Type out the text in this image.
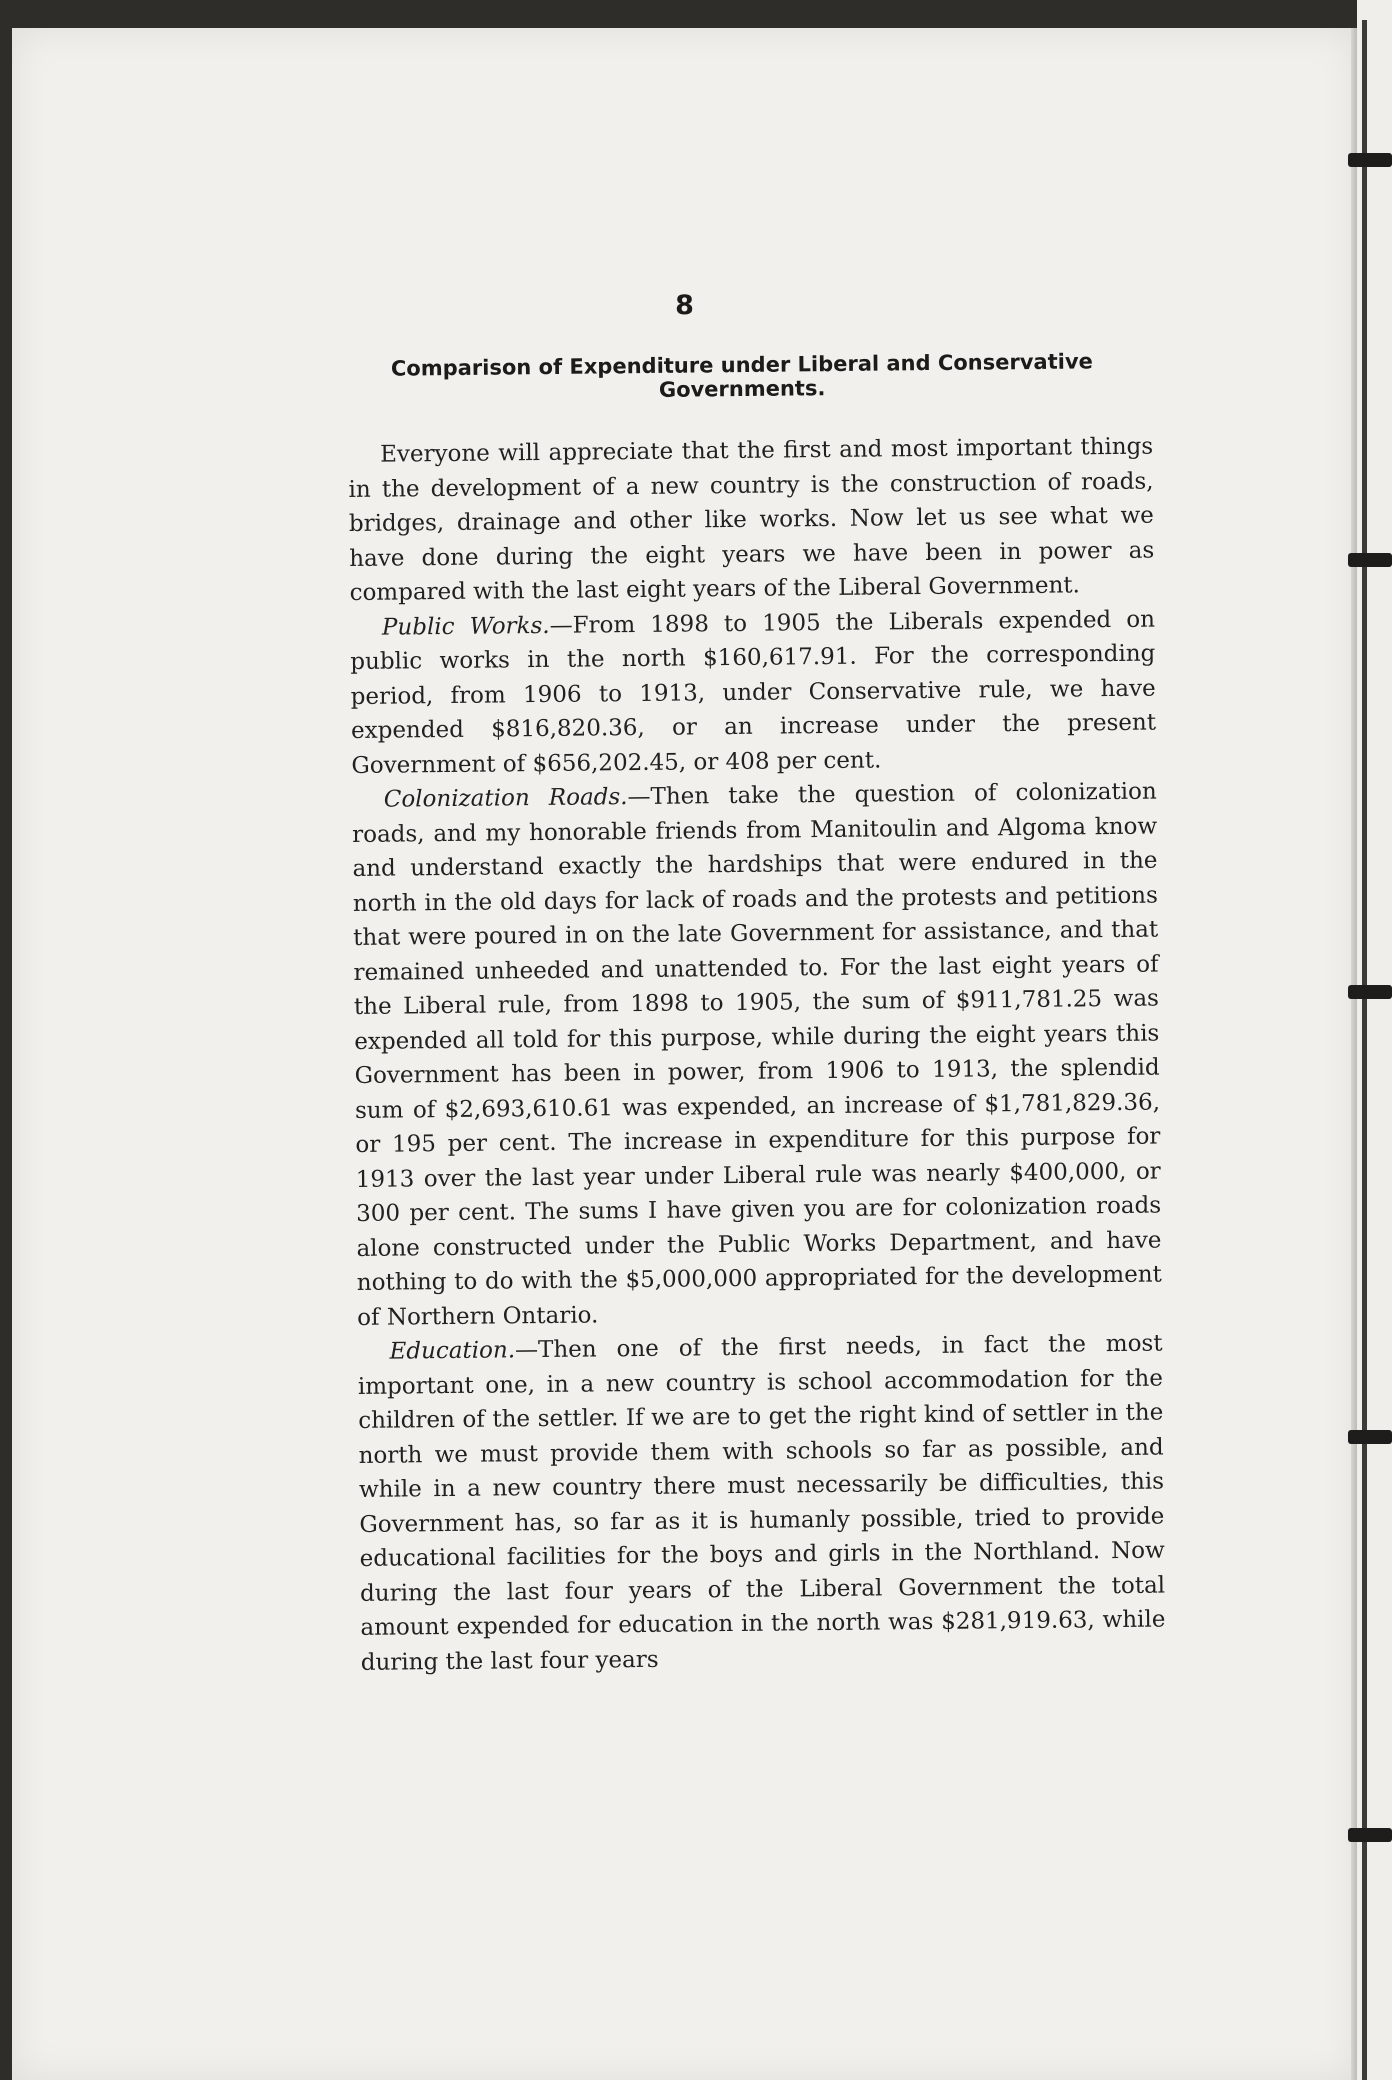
8
Comparison of Expenditure under Liberal and Conservative
Governments.

Everyone will appreciate that the first and most important things in the development of a new country is the construction of roads, bridges, drainage and other like works. Now let us see what we have done during the eight years we have been in power as compared with the last eight years of the Liberal Government.

Public Works.—From 1898 to 1905 the Liberals expended on public works in the north $160,617.91. For the corresponding period, from 1906 to 1913, under Conservative rule, we have expended $816,820.36, or an increase under the present Government of $656,202.45, or 408 per cent.

Colonization Roads.—Then take the question of colonization roads, and my honorable friends from Manitoulin and Algoma know and understand exactly the hardships that were endured in the north in the old days for lack of roads and the protests and petitions that were poured in on the late Government for assistance, and that remained unheeded and unattended to. For the last eight years of the Liberal rule, from 1898 to 1905, the sum of $911,781.25 was expended all told for this purpose, while during the eight years this Government has been in power, from 1906 to 1913, the splendid sum of $2,693,610.61 was expended, an increase of $1,781,829.36, or 195 per cent. The increase in expenditure for this purpose for 1913 over the last year under Liberal rule was nearly $400,000, or 300 per cent. The sums I have given you are for colonization roads alone constructed under the Public Works Department, and have nothing to do with the $5,000,000 appropriated for the development of Northern Ontario.

Education.—Then one of the first needs, in fact the most important one, in a new country is school accommodation for the children of the settler. If we are to get the right kind of settler in the north we must provide them with schools so far as possible, and while in a new country there must necessarily be difficulties, this Government has, so far as it is humanly possible, tried to provide educational facilities for the boys and girls in the Northland. Now during the last four years of the Liberal Government the total amount expended for education in the north was $281,919.63, while during the last four years
